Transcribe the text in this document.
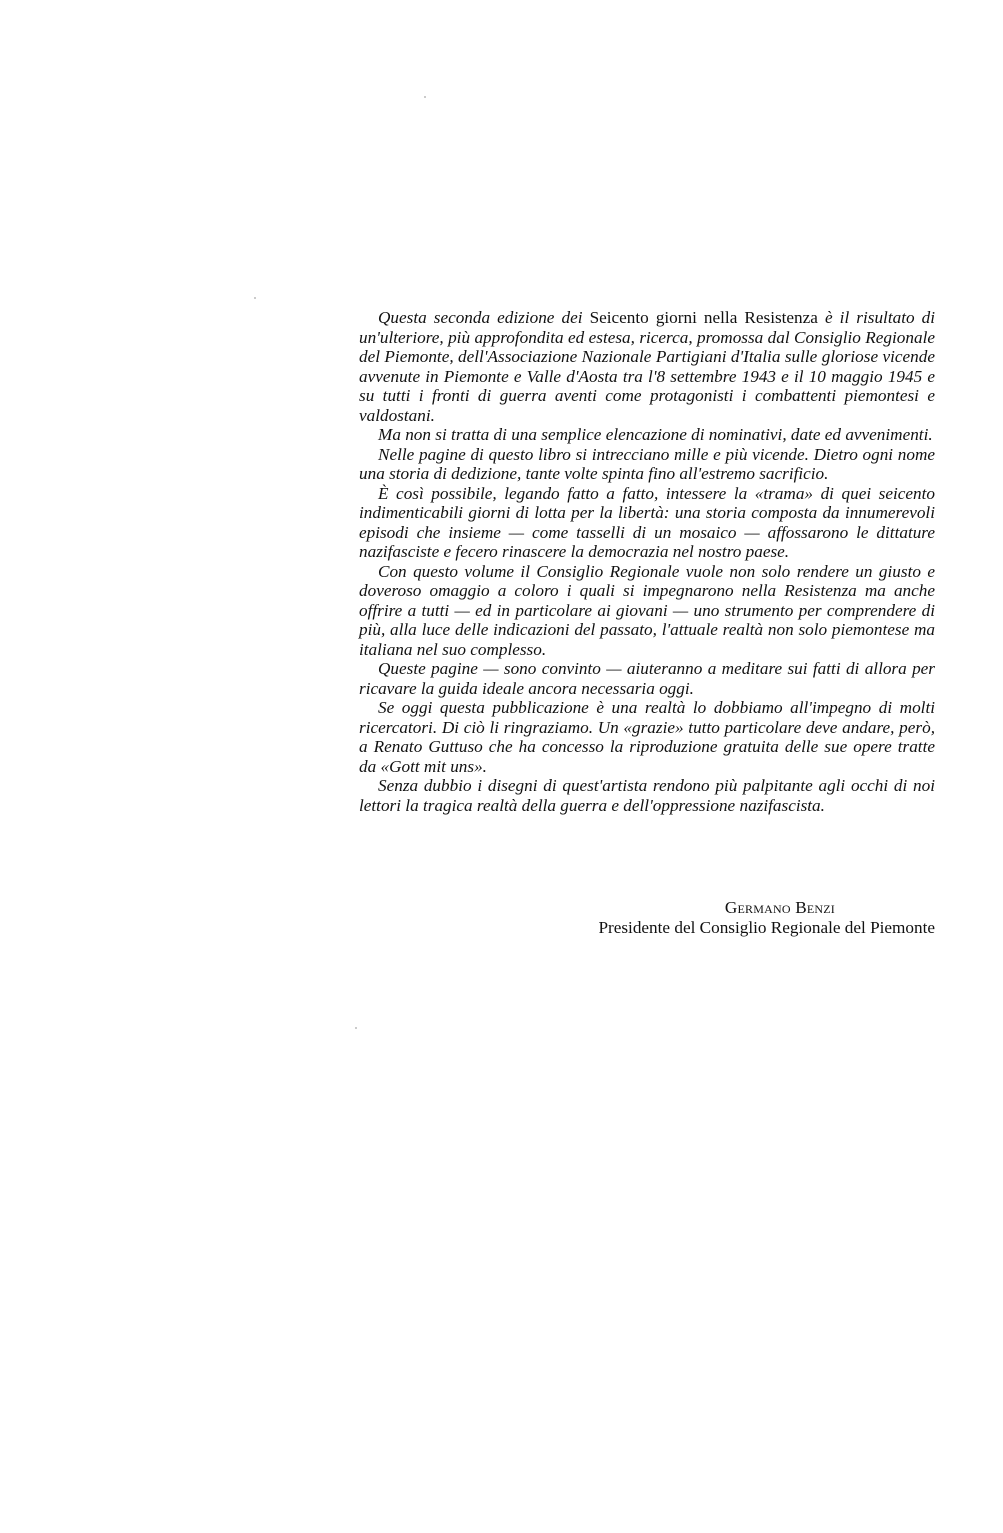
Questa seconda edizione dei Seicento giorni nella Resistenza è il risultato di un'ulteriore, più approfondita ed estesa, ricerca, promossa dal Consiglio Regionale del Piemonte, dell'Associazione Nazionale Partigiani d'Italia sulle gloriose vicende avvenute in Piemonte e Valle d'Aosta tra l'8 settembre 1943 e il 10 maggio 1945 e su tutti i fronti di guerra aventi come protagonisti i combattenti piemontesi e valdostani.

Ma non si tratta di una semplice elencazione di nominativi, date ed avvenimenti.

Nelle pagine di questo libro si intrecciano mille e più vicende. Dietro ogni nome una storia di dedizione, tante volte spinta fino all'estremo sacrificio.

È così possibile, legando fatto a fatto, intessere la «trama» di quei seicento indimenticabili giorni di lotta per la libertà: una storia composta da innumerevoli episodi che insieme — come tasselli di un mosaico — affossarono le dittature nazifasciste e fecero rinascere la democrazia nel nostro paese.

Con questo volume il Consiglio Regionale vuole non solo rendere un giusto e doveroso omaggio a coloro i quali si impegnarono nella Resistenza ma anche offrire a tutti — ed in particolare ai giovani — uno strumento per comprendere di più, alla luce delle indicazioni del passato, l'attuale realtà non solo piemontese ma italiana nel suo complesso.

Queste pagine — sono convinto — aiuteranno a meditare sui fatti di allora per ricavare la guida ideale ancora necessaria oggi.

Se oggi questa pubblicazione è una realtà lo dobbiamo all'impegno di molti ricercatori. Di ciò li ringraziamo. Un «grazie» tutto particolare deve andare, però, a Renato Guttuso che ha concesso la riproduzione gratuita delle sue opere tratte da «Gott mit uns».

Senza dubbio i disegni di quest'artista rendono più palpitante agli occhi di noi lettori la tragica realtà della guerra e dell'oppressione nazifascista.

Germano Benzi
Presidente del Consiglio Regionale del Piemonte
